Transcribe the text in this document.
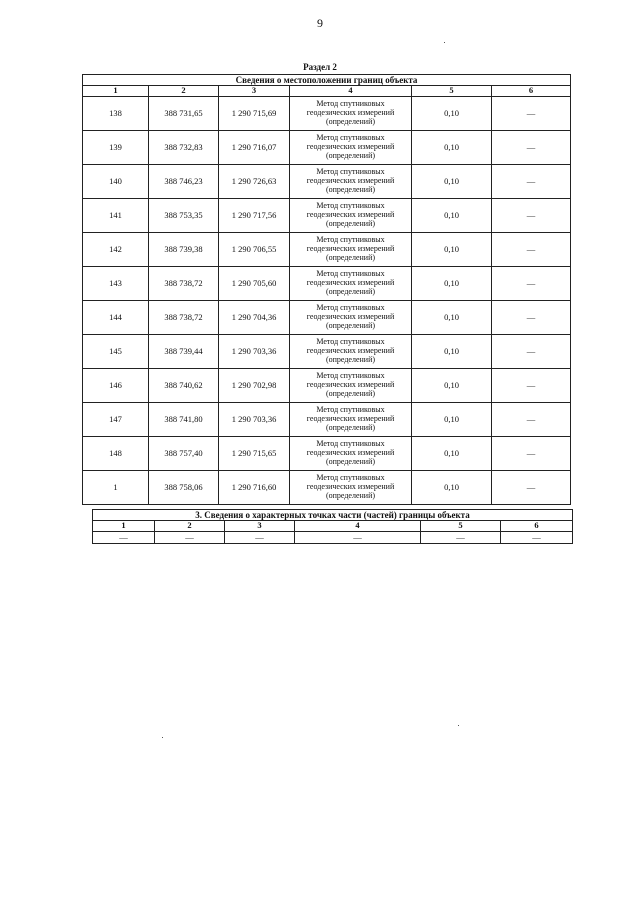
9
Раздел 2
Сведения о местоположении границ объекта					
1	2	3	4	5	6
138	388 731,65	1 290 715,69	Метод спутниковых геодезических измерений (определений)	0,10	—
139	388 732,83	1 290 716,07	Метод спутниковых геодезических измерений (определений)	0,10	—
140	388 746,23	1 290 726,63	Метод спутниковых геодезических измерений (определений)	0,10	—
141	388 753,35	1 290 717,56	Метод спутниковых геодезических измерений (определений)	0,10	—
142	388 739,38	1 290 706,55	Метод спутниковых геодезических измерений (определений)	0,10	—
143	388 738,72	1 290 705,60	Метод спутниковых геодезических измерений (определений)	0,10	—
144	388 738,72	1 290 704,36	Метод спутниковых геодезических измерений (определений)	0,10	—
145	388 739,44	1 290 703,36	Метод спутниковых геодезических измерений (определений)	0,10	—
146	388 740,62	1 290 702,98	Метод спутниковых геодезических измерений (определений)	0,10	—
147	388 741,80	1 290 703,36	Метод спутниковых геодезических измерений (определений)	0,10	—
148	388 757,40	1 290 715,65	Метод спутниковых геодезических измерений (определений)	0,10	—
1	388 758,06	1 290 716,60	Метод спутниковых геодезических измерений (определений)	0,10	—
3. Сведения о характерных точках части (частей) границы объекта					
1	2	3	4	5	6
—	—	—	—	—	—
